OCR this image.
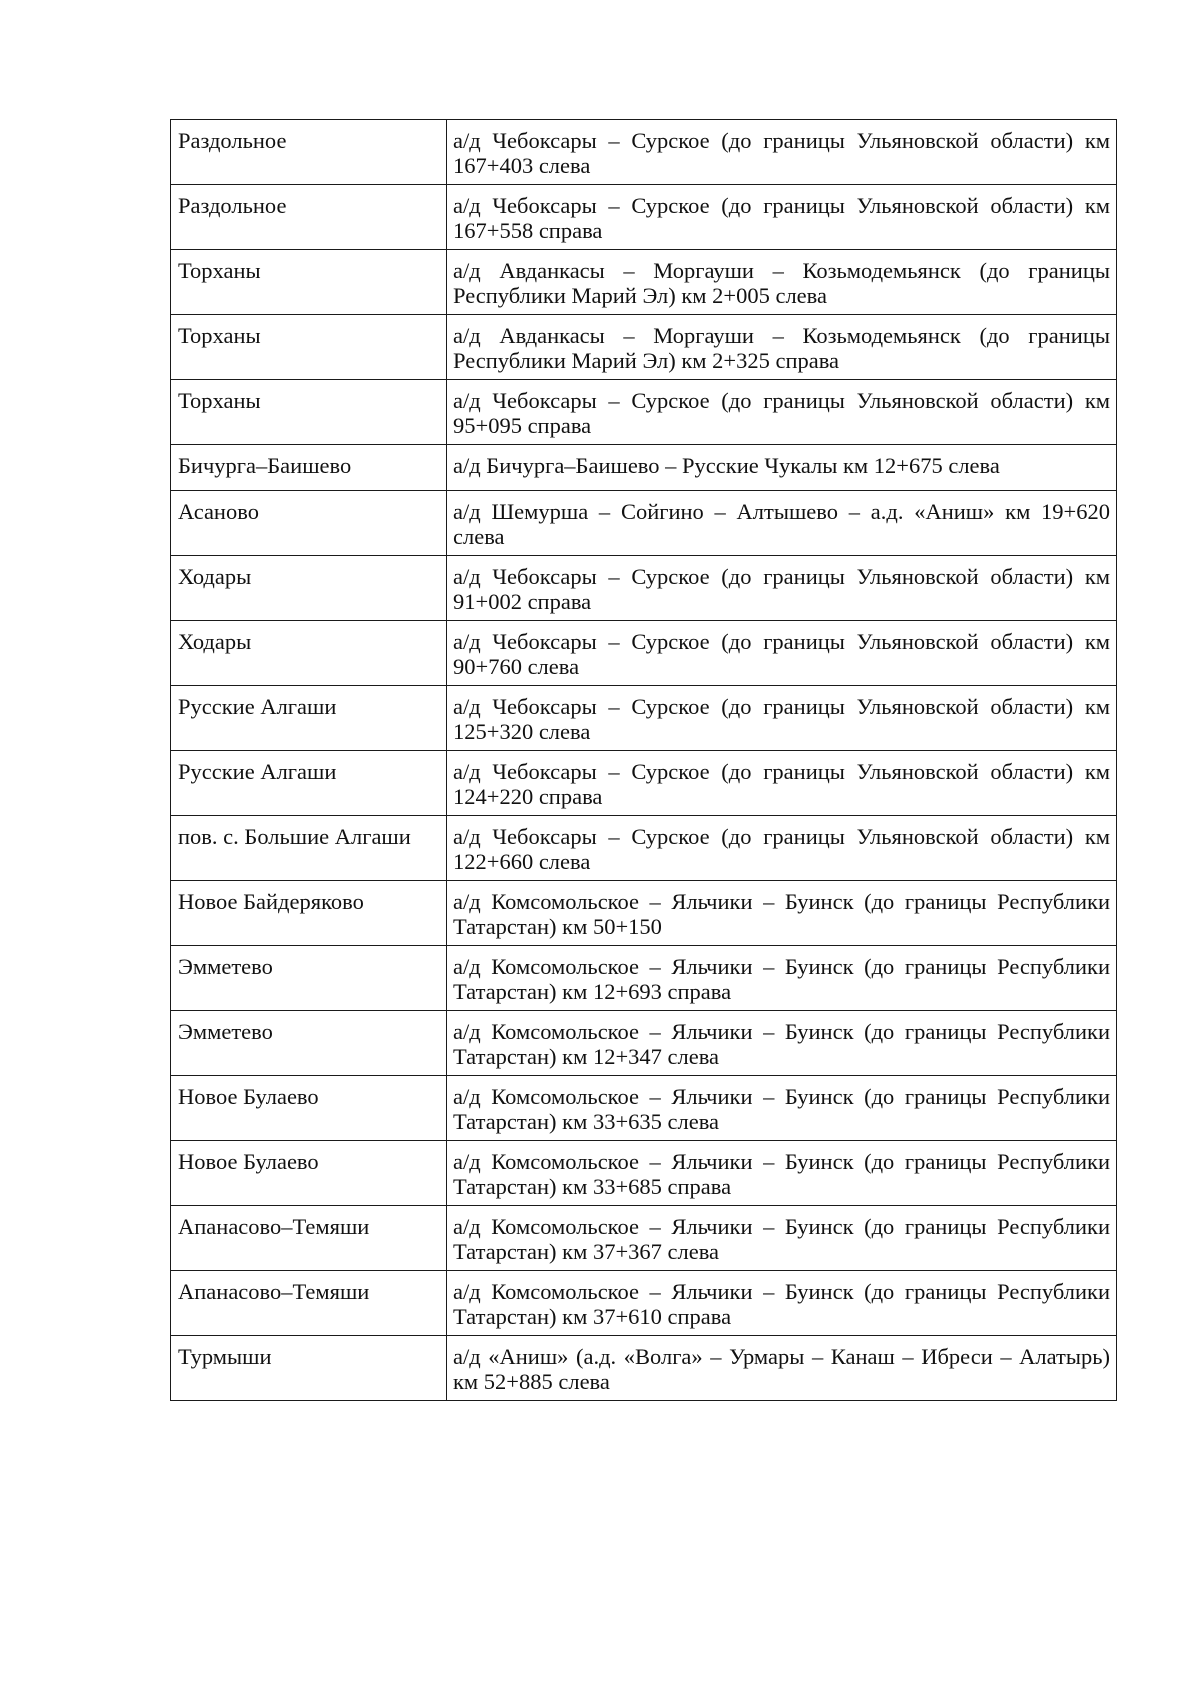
Раздольное	а/д Чебоксары – Сурское (до границы Ульяновской области) км 167+403 слева
Раздольное	а/д Чебоксары – Сурское (до границы Ульяновской области) км 167+558 справа
Торханы	а/д Авданкасы – Моргауши – Козьмодемьянск (до границы Республики Марий Эл) км 2+005 слева
Торханы	а/д Авданкасы – Моргауши – Козьмодемьянск (до границы Республики Марий Эл) км 2+325 справа
Торханы	а/д Чебоксары – Сурское (до границы Ульяновской области) км 95+095 справа
Бичурга–Баишево	а/д Бичурга–Баишево – Русские Чукалы км 12+675 слева
Асаново	а/д Шемурша – Сойгино – Алтышево – а.д. «Аниш» км 19+620 слева
Ходары	а/д Чебоксары – Сурское (до границы Ульяновской области) км 91+002 справа
Ходары	а/д Чебоксары – Сурское (до границы Ульяновской области) км 90+760 слева
Русские Алгаши	а/д Чебоксары – Сурское (до границы Ульяновской области) км 125+320 слева
Русские Алгаши	а/д Чебоксары – Сурское (до границы Ульяновской области) км 124+220 справа
пов. с. Большие Алгаши	а/д Чебоксары – Сурское (до границы Ульяновской области) км 122+660 слева
Новое Байдеряково	а/д Комсомольское – Яльчики – Буинск (до границы Республики Татарстан) км 50+150
Эмметево	а/д Комсомольское – Яльчики – Буинск (до границы Республики Татарстан) км 12+693 справа
Эмметево	а/д Комсомольское – Яльчики – Буинск (до границы Республики Татарстан) км 12+347 слева
Новое Булаево	а/д Комсомольское – Яльчики – Буинск (до границы Республики Татарстан) км 33+635 слева
Новое Булаево	а/д Комсомольское – Яльчики – Буинск (до границы Республики Татарстан) км 33+685 справа
Апанасово–Темяши	а/д Комсомольское – Яльчики – Буинск (до границы Республики Татарстан) км 37+367 слева
Апанасово–Темяши	а/д Комсомольское – Яльчики – Буинск (до границы Республики Татарстан) км 37+610 справа
Турмыши	а/д «Аниш» (а.д. «Волга» – Урмары – Канаш – Ибреси – Алатырь) км 52+885 слева
